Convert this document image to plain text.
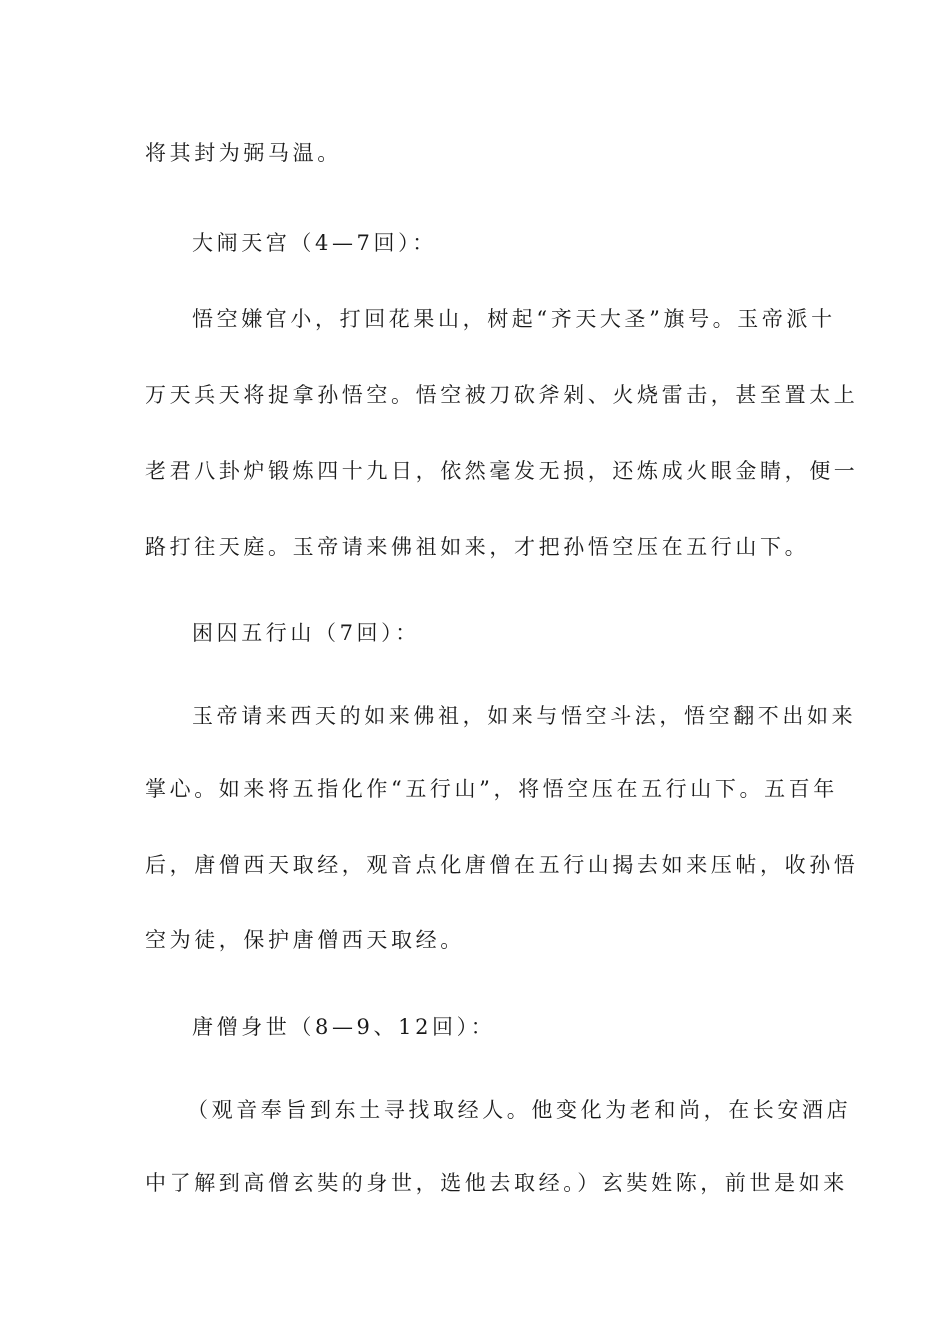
将其封为弼马温。
大闹天宫（4—7回）：
悟空嫌官小，打回花果山，树起“齐天大圣”旗号。玉帝派十
万天兵天将捉拿孙悟空。悟空被刀砍斧剁、火烧雷击，甚至置太上
老君八卦炉锻炼四十九日，依然毫发无损，还炼成火眼金睛，便一
路打往天庭。玉帝请来佛祖如来，才把孙悟空压在五行山下。
困囚五行山（7回）：
玉帝请来西天的如来佛祖，如来与悟空斗法，悟空翻不出如来
掌心。如来将五指化作“五行山”，将悟空压在五行山下。五百年
后，唐僧西天取经，观音点化唐僧在五行山揭去如来压帖，收孙悟
空为徒，保护唐僧西天取经。
唐僧身世（8—9、12回）：
（观音奉旨到东土寻找取经人。他变化为老和尚，在长安酒店
中了解到高僧玄奘的身世，选他去取经。）玄奘姓陈，前世是如来
